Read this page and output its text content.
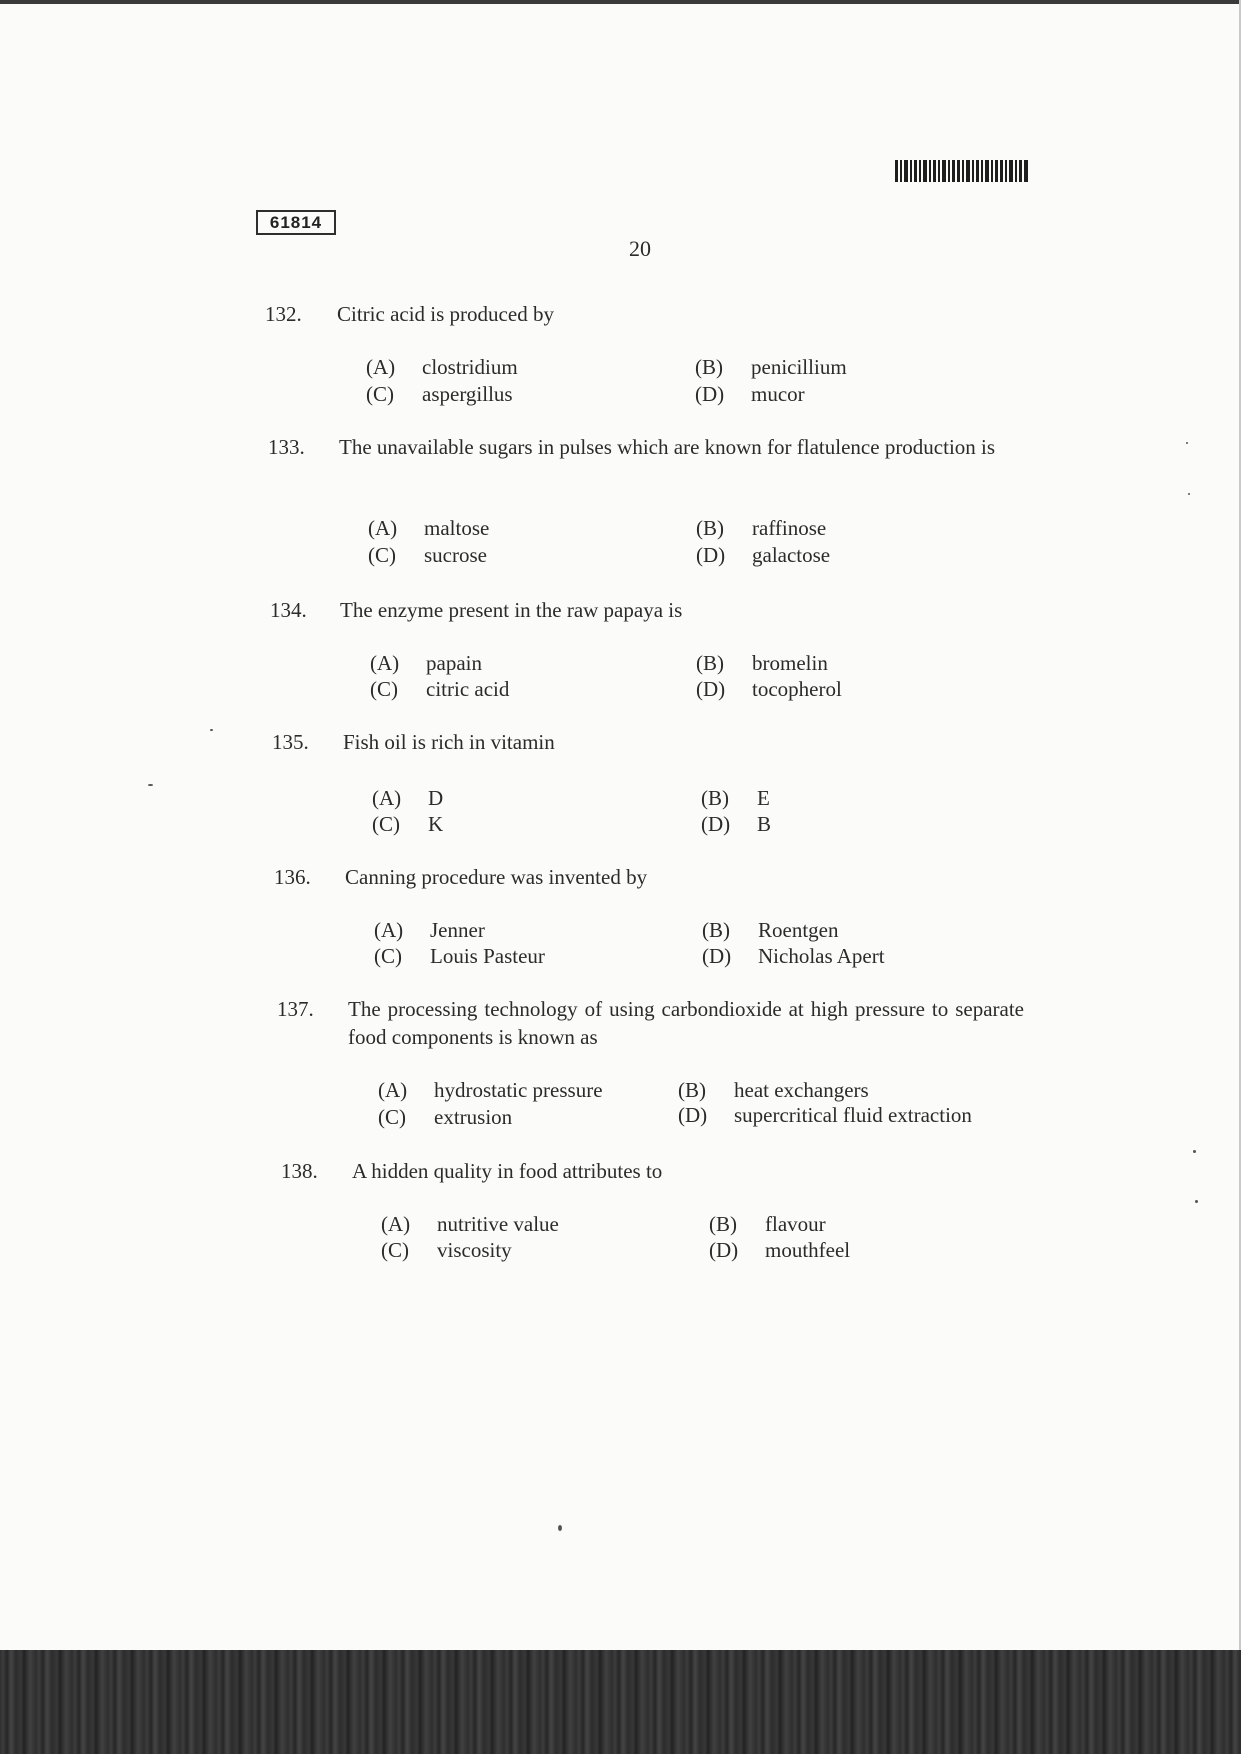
61814
20
132. Citric acid is produced by
(A) clostridium	(B) penicillium
(C) aspergillus	(D) mucor
133. The unavailable sugars in pulses which are known for flatulence production is
(A) maltose	(B) raffinose
(C) sucrose	(D) galactose
134. The enzyme present in the raw papaya is
(A) papain	(B) bromelin
(C) citric acid	(D) tocopherol
135. Fish oil is rich in vitamin
(A) D	(B) E
(C) K	(D) B
136. Canning procedure was invented by
(A) Jenner	(B) Roentgen
(C) Louis Pasteur	(D) Nicholas Apert
137. The processing technology of using carbondioxide at high pressure to separate food components is known as
(A) hydrostatic pressure	(B) heat exchangers
(C) extrusion	(D) supercritical fluid extraction
138. A hidden quality in food attributes to
(A) nutritive value	(B) flavour
(C) viscosity	(D) mouthfeel
